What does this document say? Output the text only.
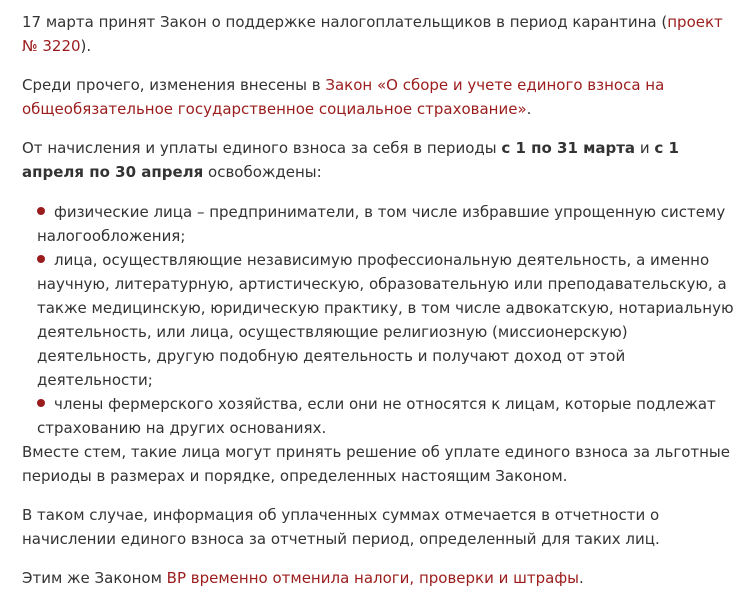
17 марта принят Закон о поддержке налогоплательщиков в период карантина (проект № 3220).

Среди прочего, изменения внесены в Закон «О сборе и учете единого взноса на общеобязательное государственное социальное страхование».

От начисления и уплаты единого взноса за себя в периоды с 1 по 31 марта и с 1 апреля по 30 апреля освобождены:

физические лица – предприниматели, в том числе избравшие упрощенную систему налогообложения;
лица, осуществляющие независимую профессиональную деятельность, а именно научную, литературную, артистическую, образовательную или преподавательскую, а также медицинскую, юридическую практику, в том числе адвокатскую, нотариальную деятельность, или лица, осуществляющие религиозную (миссионерскую) деятельность, другую подобную деятельность и получают доход от этой деятельности;
члены фермерского хозяйства, если они не относятся к лицам, которые подлежат страхованию на других основаниях.

Вместе стем, такие лица могут принять решение об уплате единого взноса за льготные периоды в размерах и порядке, определенных настоящим Законом.

В таком случае, информация об уплаченных суммах отмечается в отчетности о начислении единого взноса за отчетный период, определенный для таких лиц.

Этим же Законом ВР временно отменила налоги, проверки и штрафы.
